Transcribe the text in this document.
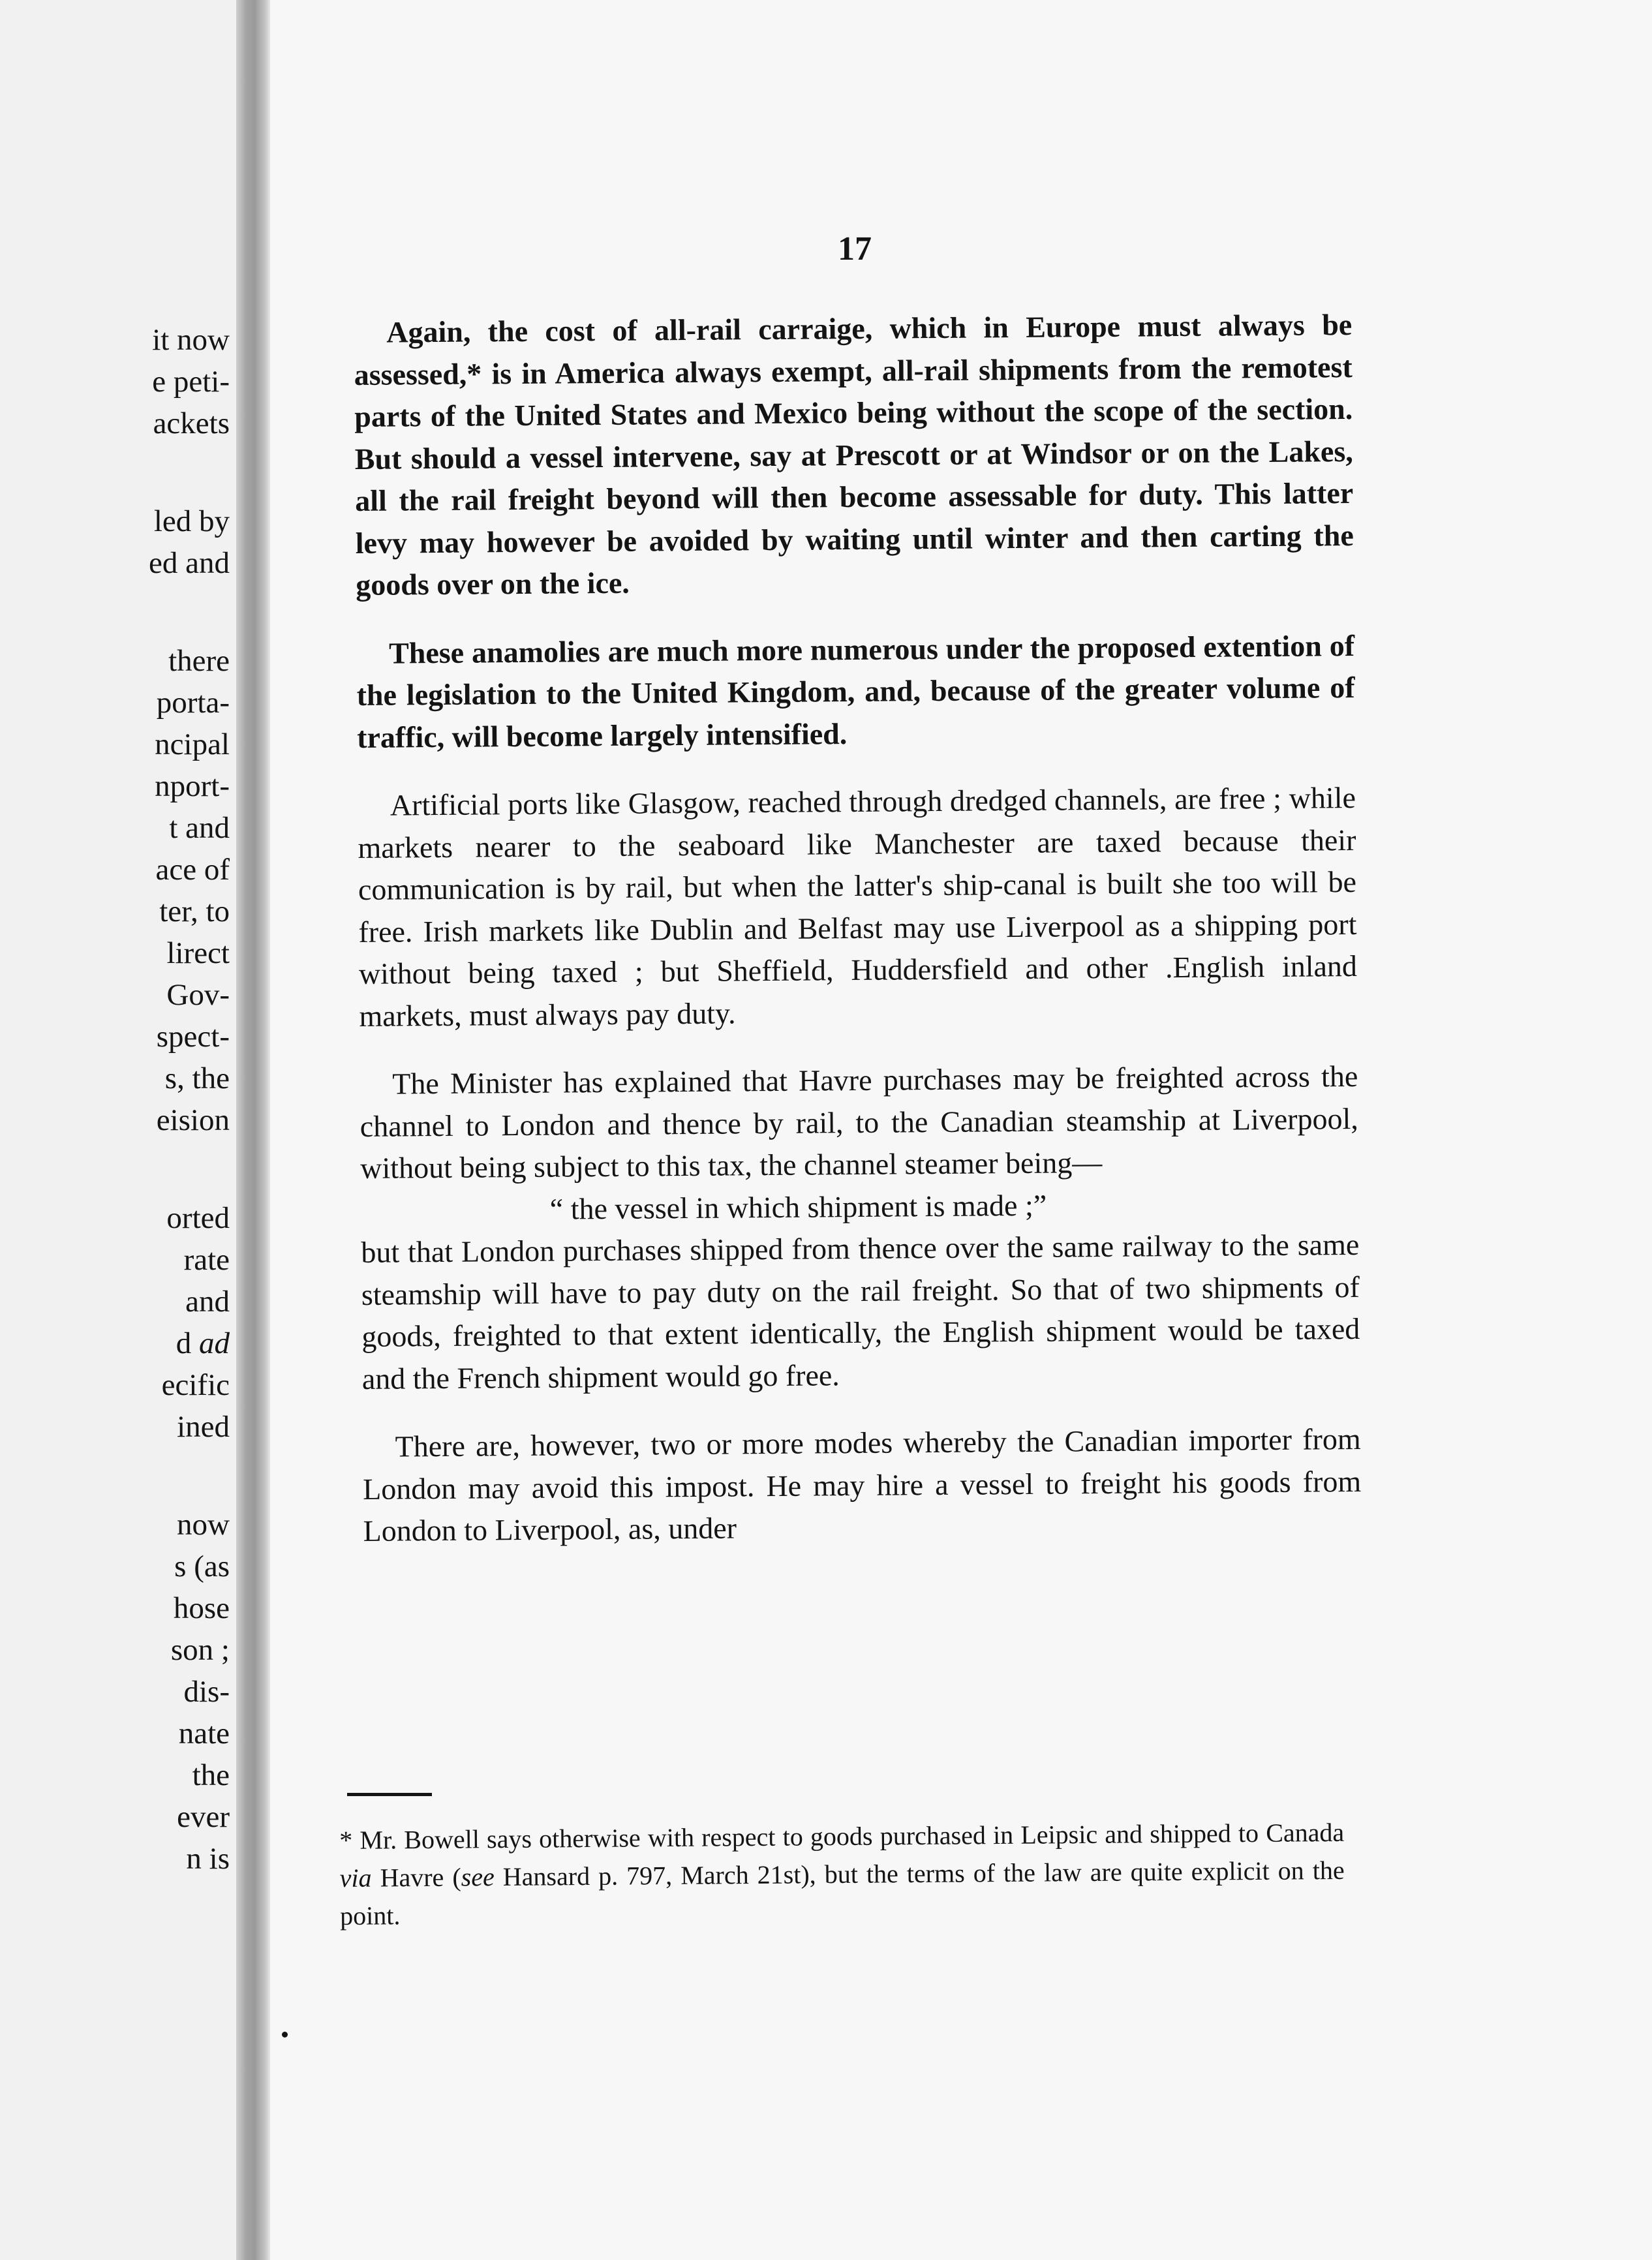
it now
e peti-
ackets
led by
ed and
there
porta-
ncipal
nport-
t and
ace of
ter, to
lirect
Gov-
spect-
s, the
eision
orted
rate
and
d ad
ecific
ined
now
s (as
hose
son ;
dis-
nate
the
ever
n is
17

Again, the cost of all-rail carraige, which in Europe must always be assessed,* is in America always exempt, all-rail shipments from the remotest parts of the United States and Mexico being without the scope of the section. But should a vessel intervene, say at Prescott or at Windsor or on the Lakes, all the rail freight beyond will then become assessable for duty. This latter levy may however be avoided by waiting until winter and then carting the goods over on the ice.

These anamolies are much more numerous under the proposed extention of the legislation to the United Kingdom, and, because of the greater volume of traffic, will become largely intensified.

Artificial ports like Glasgow, reached through dredged channels, are free ; while markets nearer to the seaboard like Manchester are taxed because their communication is by rail, but when the latter's ship-canal is built she too will be free. Irish markets like Dublin and Belfast may use Liverpool as a shipping port without being taxed ; but Sheffield, Huddersfield and other .English inland markets, must always pay duty.

The Minister has explained that Havre purchases may be freighted across the channel to London and thence by rail, to the Canadian steamship at Liverpool, without being subject to this tax, the channel steamer being—

“ the vessel in which shipment is made ;”

but that London purchases shipped from thence over the same railway to the same steamship will have to pay duty on the rail freight. So that of two shipments of goods, freighted to that extent identically, the English shipment would be taxed and the French shipment would go free.

There are, however, two or more modes whereby the Canadian importer from London may avoid this impost. He may hire a vessel to freight his goods from London to Liverpool, as, under

* Mr. Bowell says otherwise with respect to goods purchased in Leipsic and shipped to Canada via Havre (see Hansard p. 797, March 21st), but the terms of the law are quite explicit on the point.
